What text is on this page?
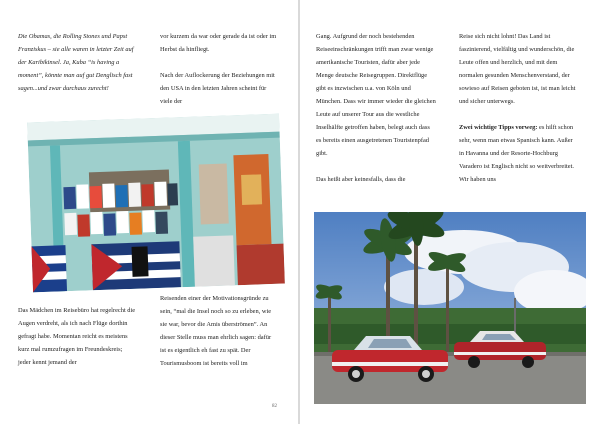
Die Obamas, die Rolling Stones und Papst Franziskus – sie alle waren in letzter Zeit auf der Karibikinsel. Ja, Kuba “is having a moment”, könnte man auf gut Denglisch fast sagen...und zwar durchaus zurecht!

vor kurzem da war oder gerade da ist oder im Herbst da hinfliegt.

Nach der Auflockerung der Beziehungen mit den USA in den letzten Jahren scheint für viele der

Das Mädchen im Reisebüro hat regelrecht die Augen verdreht, als ich nach Flüge dorthin gefragt habe. Momentan reicht es meistens kurz mal rumzufragen im Freundeskreis; jeder kennt jemand der
Reisenden einer der Motivationsgründe zu sein, “mal die Insel noch so zu erleben, wie sie war, bevor die Amis überströmen”. An dieser Stelle muss man ehrlich sagen: dafür ist es eigentlich eh fast zu spät. Der Tourismusboom ist bereits voll im
82

Gang. Aufgrund der noch bestehenden Reiseeinschränkungen trifft man zwar wenige amerikanische Touristen, dafür aber jede Menge deutsche Reisegruppen. Direktflüge gibt es inzwischen u.a. von Köln und München. Dass wir immer wieder die gleichen Leute auf unserer Tour aus die westliche Inselhälfte getroffen haben, belegt auch dass es bereits einen ausgetretenen Touristenpfad gibt.

Das heißt aber keinesfalls, dass die

Reise sich nicht lohnt! Das Land ist faszinierend, vielfältig und wunderschön, die Leute offen und herzlich, und mit dem normalen gesunden Menschenverstand, der sowieso auf Reisen geboten ist, ist man leicht und sicher unterwegs.

Zwei wichtige Tipps vorweg: es hilft schon sehr, wenn man etwas Spanisch kann. Außer in Havanna und der Resorte-Hochburg Varadero ist Englisch nicht so weitverbreitet. Wir haben uns
